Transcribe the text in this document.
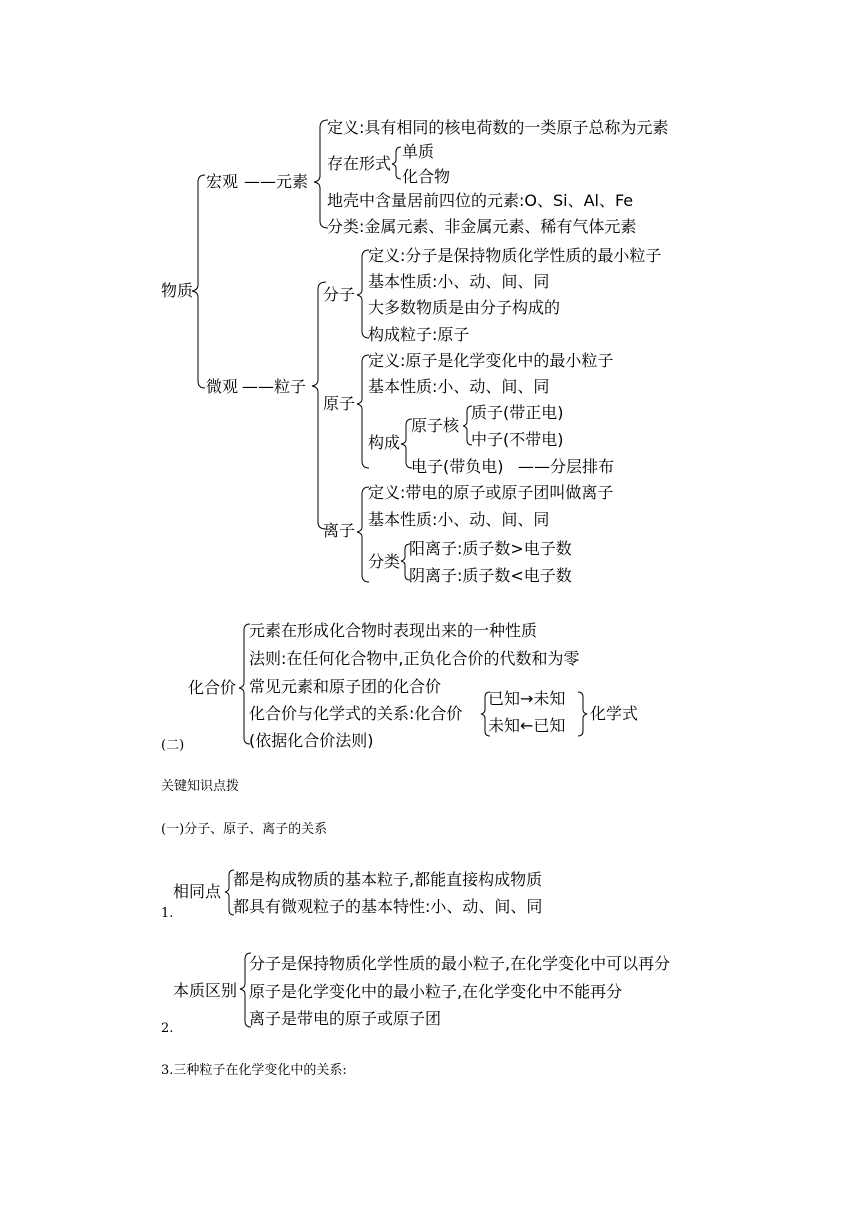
物质
宏观 ——元素
微观 ——粒子
定义:具有相同的核电荷数的一类原子总称为元素
存在形式
单质
化合物
地壳中含量居前四位的元素:O、Si、Al、Fe
分类:金属元素、非金属元素、稀有气体元素
分子
定义:分子是保持物质化学性质的最小粒子
基本性质:小、动、间、同
大多数物质是由分子构成的
构成粒子:原子
原子
定义:原子是化学变化中的最小粒子
基本性质:小、动、间、同
构成
原子核
质子(带正电)
中子(不带电)
电子(带负电) ——分层排布
离子
定义:带电的原子或原子团叫做离子
基本性质:小、动、间、同
分类
阳离子:质子数>电子数
阴离子:质子数<电子数
化合价
元素在形成化合物时表现出来的一种性质
法则:在任何化合物中,正负化合价的代数和为零
常见元素和原子团的化合价
化合价与化学式的关系:化合价
已知→未知
未知←已知
化学式
(依据化合价法则)
(二)
关键知识点拨
(一)分子、原子、离子的关系
相同点
都是构成物质的基本粒子,都能直接构成物质
都具有微观粒子的基本特性:小、动、间、同
1.
本质区别
分子是保持物质化学性质的最小粒子,在化学变化中可以再分
原子是化学变化中的最小粒子,在化学变化中不能再分
离子是带电的原子或原子团
2.
3.三种粒子在化学变化中的关系:
